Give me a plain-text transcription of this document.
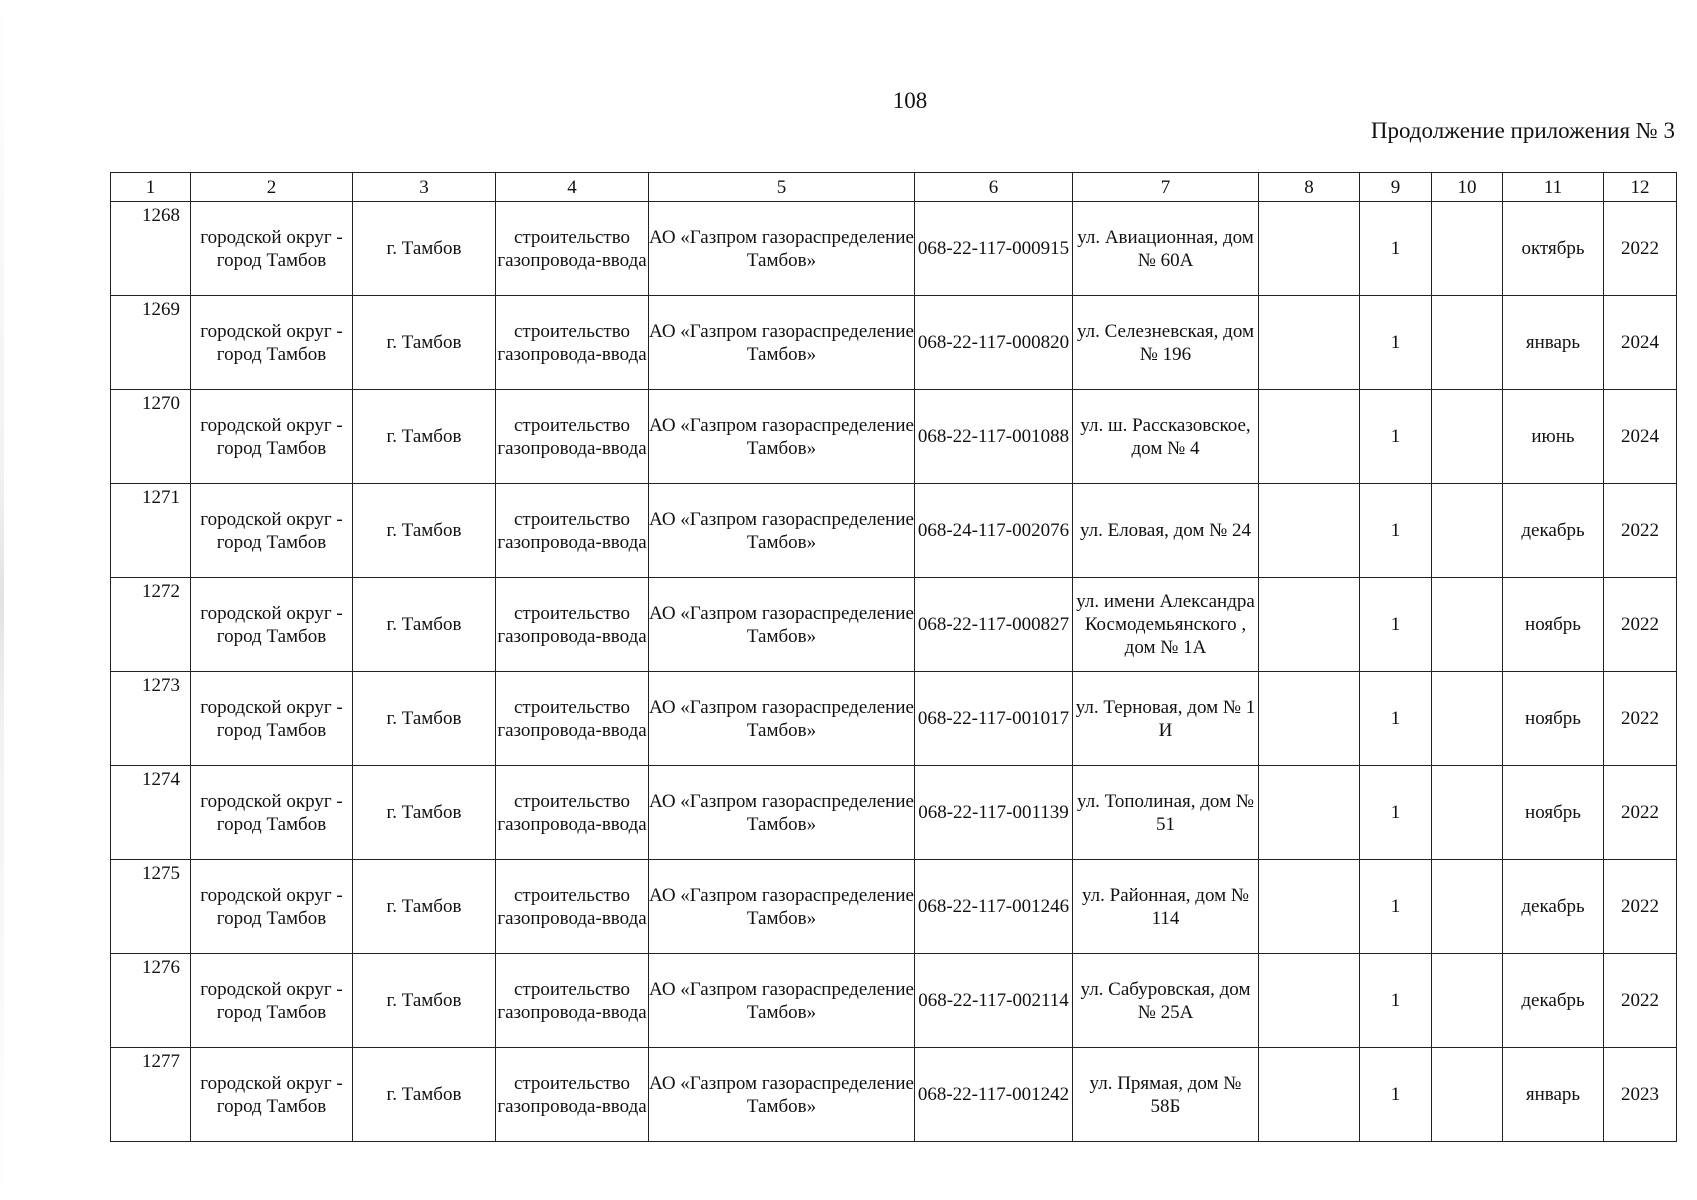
108
Продолжение приложения № 3
1	2	3	4	5	6	7	8	9	10	11	12
1268	городской округ - город Тамбов	г. Тамбов	строительство газопровода-ввода	АО «Газпром газораспределение Тамбов»	068-22-117-000915	ул. Авиационная, дом № 60А		1		октябрь	2022
1269	городской округ - город Тамбов	г. Тамбов	строительство газопровода-ввода	АО «Газпром газораспределение Тамбов»	068-22-117-000820	ул. Селезневская, дом № 196		1		январь	2024
1270	городской округ - город Тамбов	г. Тамбов	строительство газопровода-ввода	АО «Газпром газораспределение Тамбов»	068-22-117-001088	ул. ш. Рассказовское, дом № 4		1		июнь	2024
1271	городской округ - город Тамбов	г. Тамбов	строительство газопровода-ввода	АО «Газпром газораспределение Тамбов»	068-24-117-002076	ул. Еловая, дом № 24		1		декабрь	2022
1272	городской округ - город Тамбов	г. Тамбов	строительство газопровода-ввода	АО «Газпром газораспределение Тамбов»	068-22-117-000827	ул. имени Александра Космодемьянского , дом № 1А		1		ноябрь	2022
1273	городской округ - город Тамбов	г. Тамбов	строительство газопровода-ввода	АО «Газпром газораспределение Тамбов»	068-22-117-001017	ул. Терновая, дом № 1 И		1		ноябрь	2022
1274	городской округ - город Тамбов	г. Тамбов	строительство газопровода-ввода	АО «Газпром газораспределение Тамбов»	068-22-117-001139	ул. Тополиная, дом № 51		1		ноябрь	2022
1275	городской округ - город Тамбов	г. Тамбов	строительство газопровода-ввода	АО «Газпром газораспределение Тамбов»	068-22-117-001246	ул. Районная, дом № 114		1		декабрь	2022
1276	городской округ - город Тамбов	г. Тамбов	строительство газопровода-ввода	АО «Газпром газораспределение Тамбов»	068-22-117-002114	ул. Сабуровская, дом № 25А		1		декабрь	2022
1277	городской округ - город Тамбов	г. Тамбов	строительство газопровода-ввода	АО «Газпром газораспределение Тамбов»	068-22-117-001242	ул. Прямая, дом № 58Б		1		январь	2023
